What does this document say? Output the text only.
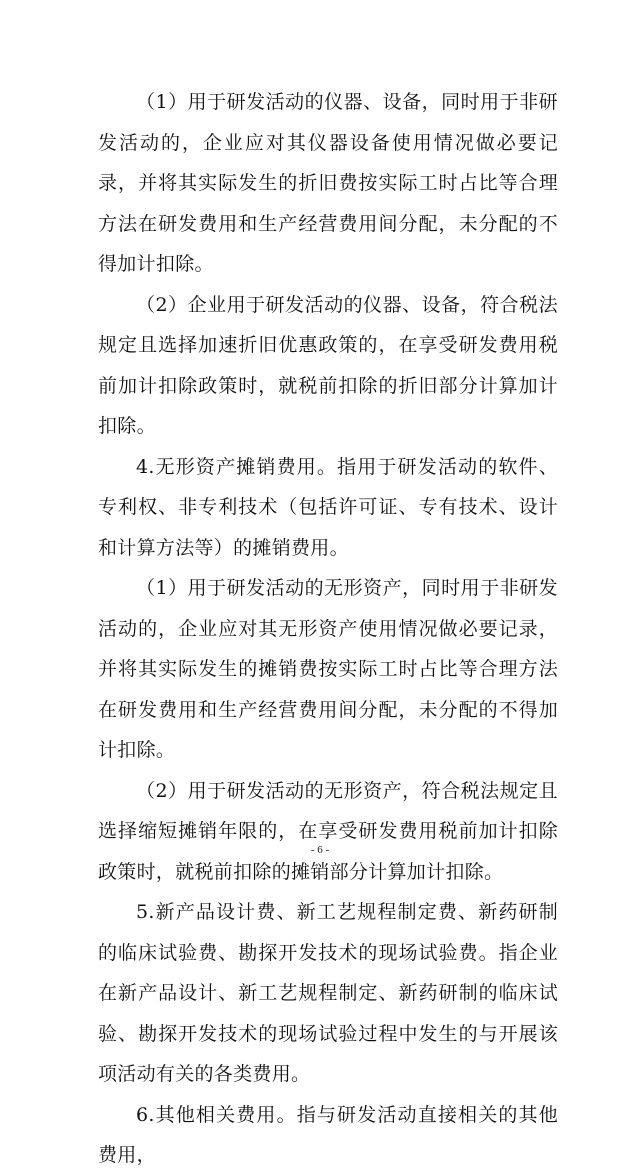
（1）用于研发活动的仪器、设备，同时用于非研发活动的，企业应对其仪器设备使用情况做必要记录，并将其实际发生的折旧费按实际工时占比等合理方法在研发费用和生产经营费用间分配，未分配的不得加计扣除。

（2）企业用于研发活动的仪器、设备，符合税法规定且选择加速折旧优惠政策的，在享受研发费用税前加计扣除政策时，就税前扣除的折旧部分计算加计扣除。

4.无形资产摊销费用。指用于研发活动的软件、专利权、非专利技术（包括许可证、专有技术、设计和计算方法等）的摊销费用。

（1）用于研发活动的无形资产，同时用于非研发活动的，企业应对其无形资产使用情况做必要记录，并将其实际发生的摊销费按实际工时占比等合理方法在研发费用和生产经营费用间分配，未分配的不得加计扣除。

（2）用于研发活动的无形资产，符合税法规定且选择缩短摊销年限的，在享受研发费用税前加计扣除政策时，就税前扣除的摊销部分计算加计扣除。

5.新产品设计费、新工艺规程制定费、新药研制的临床试验费、勘探开发技术的现场试验费。指企业在新产品设计、新工艺规程制定、新药研制的临床试验、勘探开发技术的现场试验过程中发生的与开展该项活动有关的各类费用。

6.其他相关费用。指与研发活动直接相关的其他费用，

- 6 -
